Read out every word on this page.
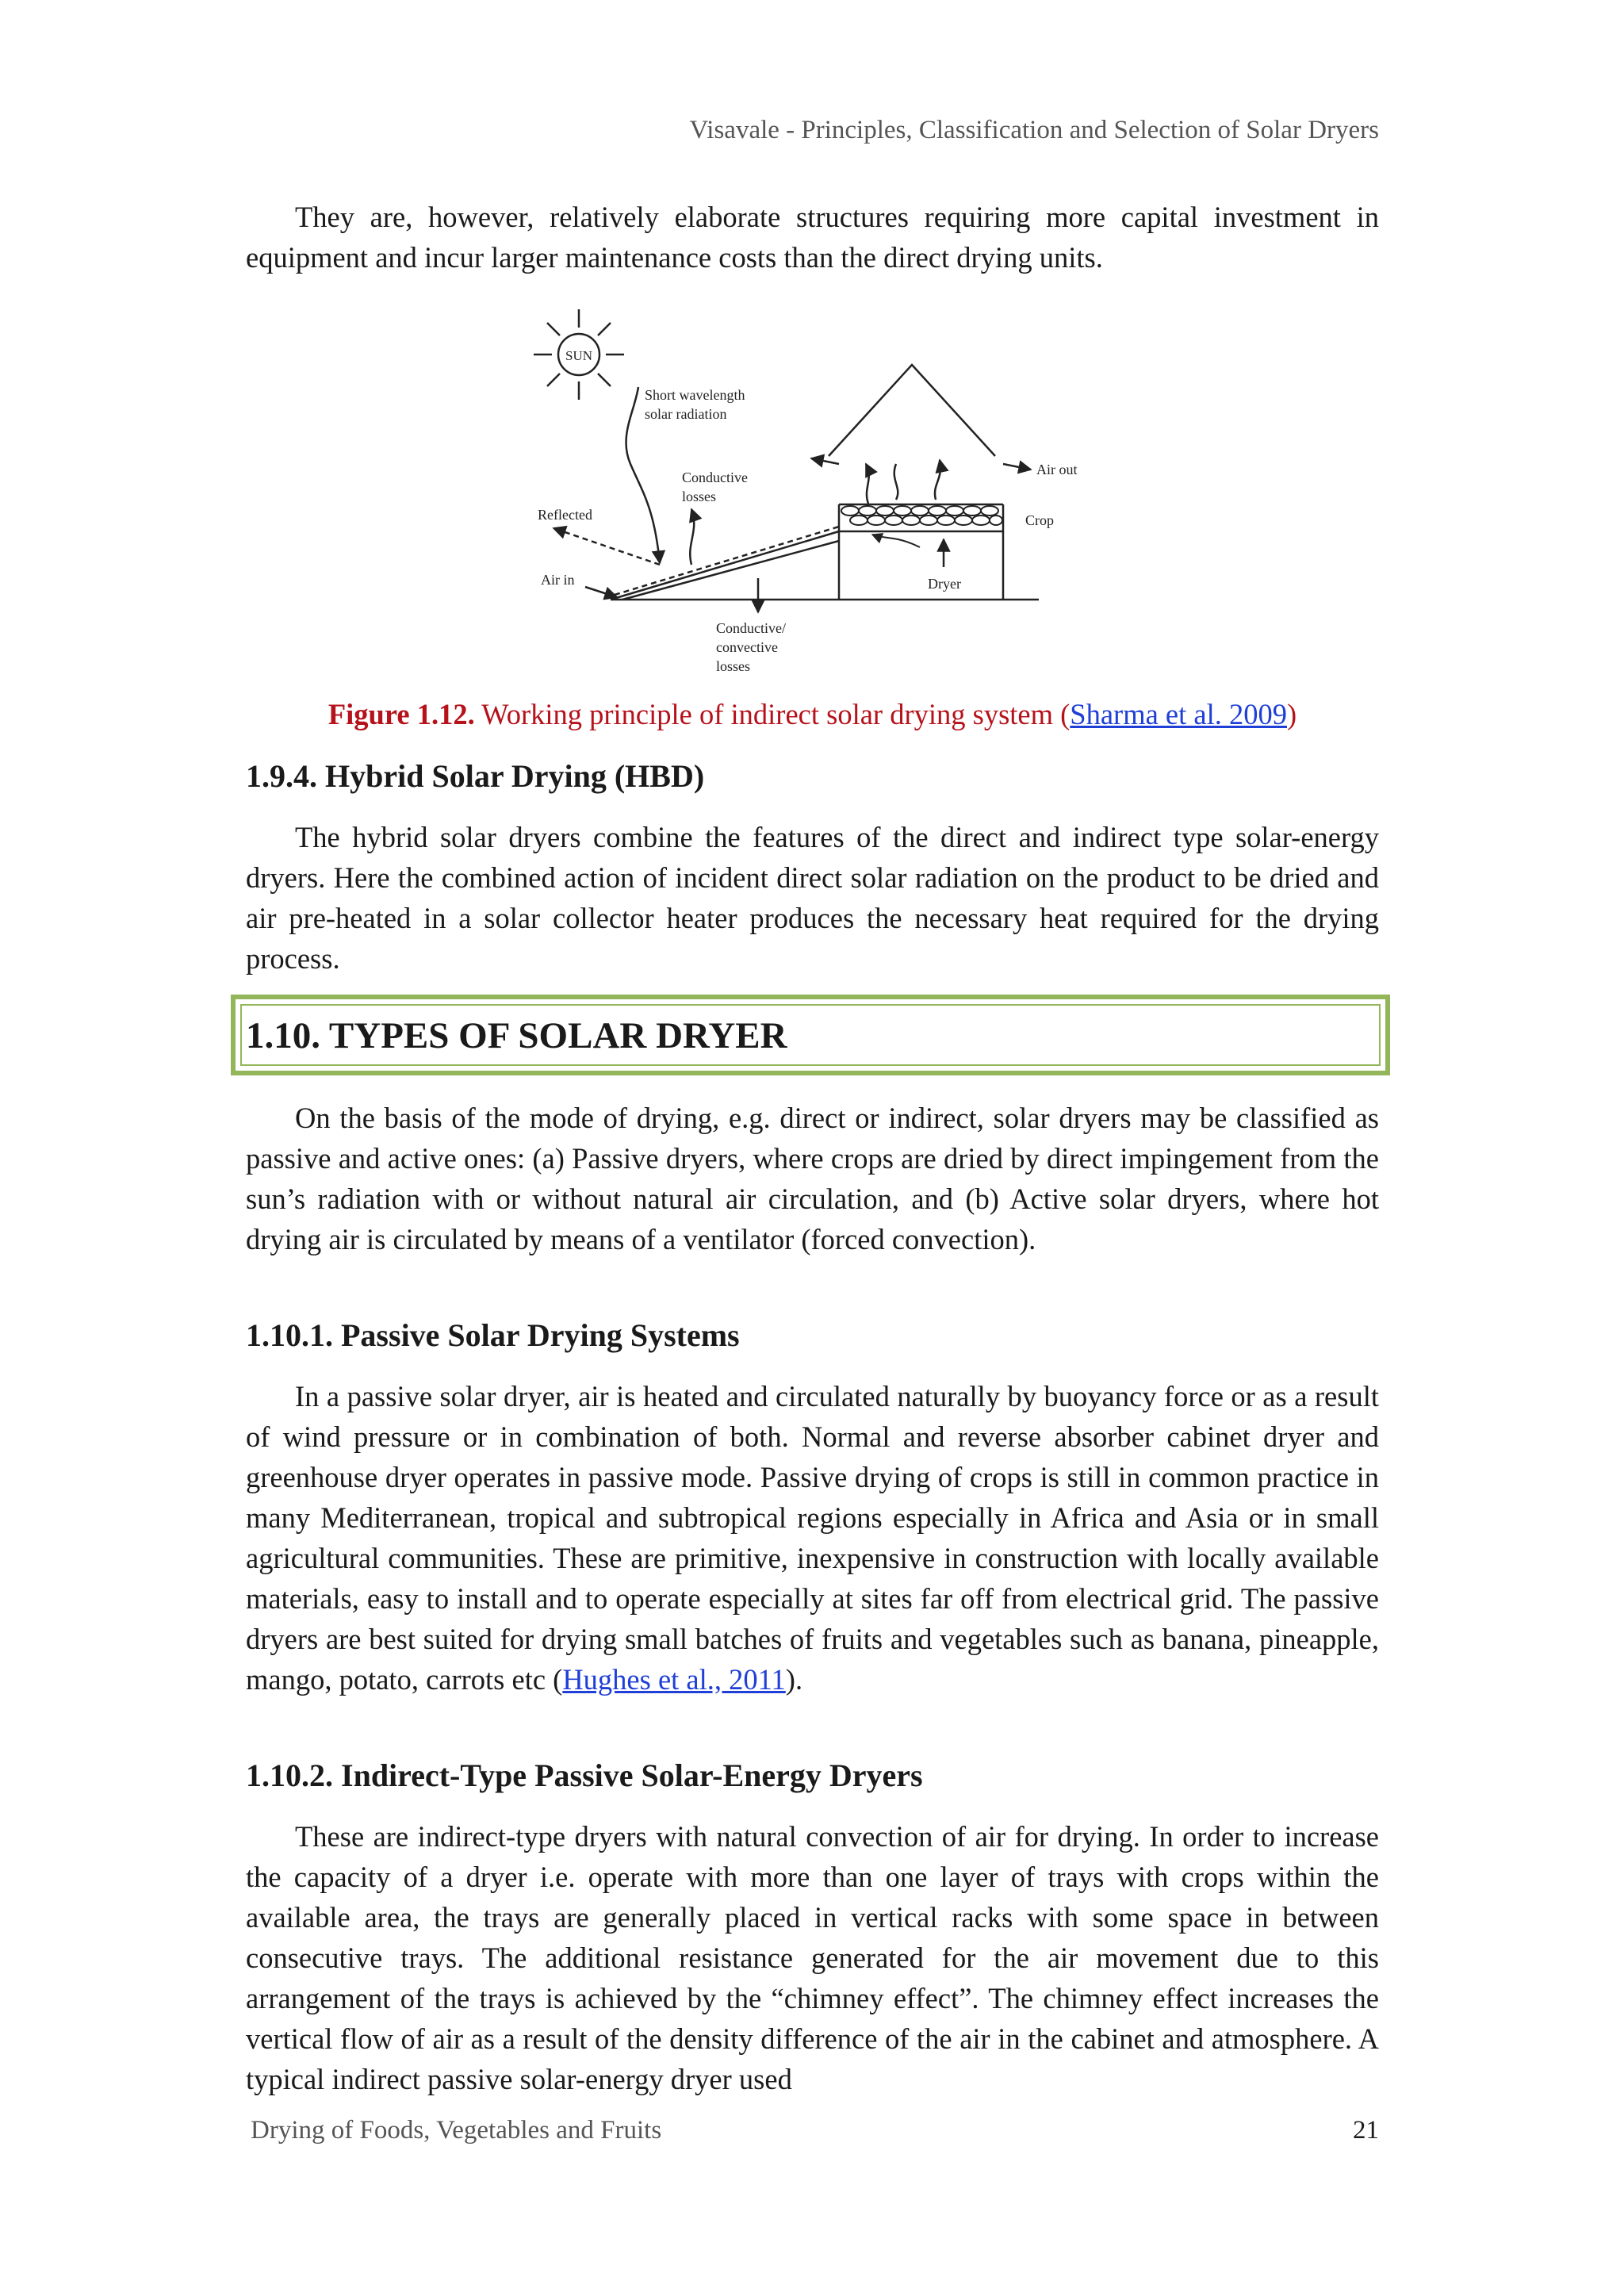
Visavale - Principles, Classification and Selection of Solar Dryers

They are, however, relatively elaborate structures requiring more capital investment in equipment and incur larger maintenance costs than the direct drying units.

SUN
Short wavelength
solar radiation
Reflected
Conductive
losses
Air in
Air out
Crop
Dryer
Conductive/
convective
losses
Figure 1.12. Working principle of indirect solar drying system (Sharma et al. 2009)
1.9.4. Hybrid Solar Drying (HBD)

The hybrid solar dryers combine the features of the direct and indirect type solar-energy dryers. Here the combined action of incident direct solar radiation on the product to be dried and air pre-heated in a solar collector heater produces the necessary heat required for the drying process.

1.10. TYPES OF SOLAR DRYER

On the basis of the mode of drying, e.g. direct or indirect, solar dryers may be classified as passive and active ones: (a) Passive dryers, where crops are dried by direct impingement from the sun’s radiation with or without natural air circulation, and (b) Active solar dryers, where hot drying air is circulated by means of a ventilator (forced convection).

1.10.1. Passive Solar Drying Systems

In a passive solar dryer, air is heated and circulated naturally by buoyancy force or as a result of wind pressure or in combination of both. Normal and reverse absorber cabinet dryer and greenhouse dryer operates in passive mode. Passive drying of crops is still in common practice in many Mediterranean, tropical and subtropical regions especially in Africa and Asia or in small agricultural communities. These are primitive, inexpensive in construction with locally available materials, easy to install and to operate especially at sites far off from electrical grid. The passive dryers are best suited for drying small batches of fruits and vegetables such as banana, pineapple, mango, potato, carrots etc (Hughes et al., 2011).

1.10.2. Indirect-Type Passive Solar-Energy Dryers

These are indirect-type dryers with natural convection of air for drying. In order to increase the capacity of a dryer i.e. operate with more than one layer of trays with crops within the available area, the trays are generally placed in vertical racks with some space in between consecutive trays. The additional resistance generated for the air movement due to this arrangement of the trays is achieved by the “chimney effect”. The chimney effect increases the vertical flow of air as a result of the density difference of the air in the cabinet and atmosphere. A typical indirect passive solar-energy dryer used

Drying of Foods, Vegetables and Fruits	21
